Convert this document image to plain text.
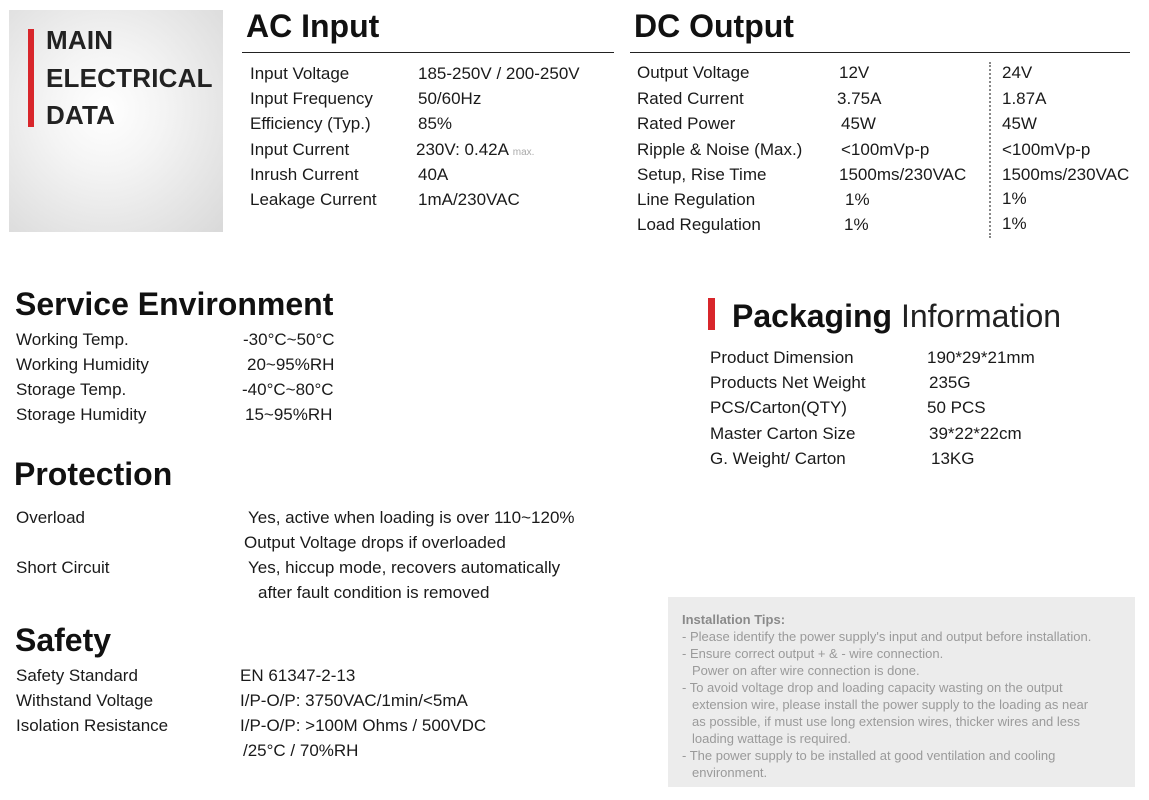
MAIN
ELECTRICAL
DATA
AC Input
Input Voltage	185-250V / 200-250V
Input Frequency	50/60Hz
Efficiency (Typ.)	85%
Input Current	230V: 0.42A max.
Inrush Current	40A
Leakage Current 1mA/230VAC
DC Output
Output Voltage	12V	24V
Rated Current	3.75A	1.87A
Rated Power	45W	45W
Ripple & Noise (Max.) <100mVp-p	<100mVp-p
Setup, Rise Time	1500ms/230VAC 1500ms/230VAC
Line Regulation	1%	1%
Load Regulation	1%	1%
Service Environment
Working Temp.	-30°C~50°C
Working Humidity	20~95%RH
Storage Temp.	-40°C~80°C
Storage Humidity	15~95%RH
Packaging Information
Product Dimension	190*29*21mm
Products Net Weight	235G
PCS/Carton(QTY)	50 PCS
Master Carton Size	39*22*22cm
G. Weight/ Carton	13KG
Protection
Overload	Yes, active when loading is over 110~120%
Output Voltage drops if overloaded
Short Circuit	Yes, hiccup mode, recovers automatically
after fault condition is removed
Safety
Safety Standard	EN 61347-2-13
Withstand Voltage	I/P-O/P: 3750VAC/1min/<5mA
Isolation Resistance	I/P-O/P: >100M Ohms / 500VDC
/25°C / 70%RH
Installation Tips:
- Please identify the power supply's input and output before installation.
- Ensure correct output + & - wire connection.
Power on after wire connection is done.
- To avoid voltage drop and loading capacity wasting on the output
extension wire, please install the power supply to the loading as near
as possible, if must use long extension wires, thicker wires and less
loading wattage is required.
- The power supply to be installed at good ventilation and cooling
environment.
